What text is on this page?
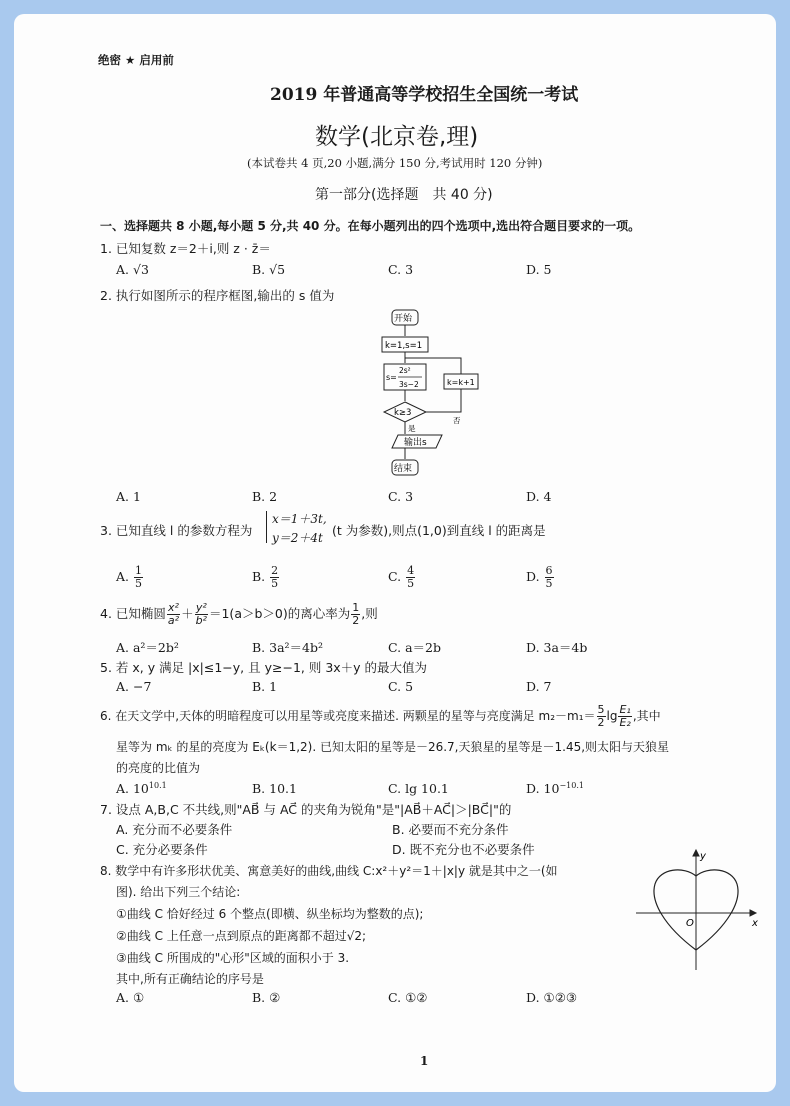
绝密 ★ 启用前
2019 年普通高等学校招生全国统一考试
数学(北京卷,理)
(本试卷共 4 页,20 小题,满分 150 分,考试用时 120 分钟)
第一部分(选择题　共 40 分)
一、选择题共 8 小题,每小题 5 分,共 40 分。在每小题列出的四个选项中,选出符合题目要求的一项。
1. 已知复数 z＝2＋i,则 z · z̄＝
A. √3	B. √5	C. 3	D. 5
2. 执行如图所示的程序框图,输出的 s 值为
开始
k=1,s=1
s=
2s²
3s−2
k≥3
是
否
输出s
结束
k=k+1
A. 1	B. 2	C. 3	D. 4
3. 已知直线 l 的参数方程为
x＝1＋3t,
y＝2＋4t (t 为参数),则点(1,0)到直线 l 的距离是
A. $\frac{1}{5}$	B. $\frac{2}{5}$	C. $\frac{4}{5}$	D. $\frac{6}{5}$
4. 已知椭圆 $\frac{\text{x²}}{\text{a²}} + \frac{\text{y²}}{\text{b²}} =1(a>b>0)$的离心率为 $\frac{1}{2}$ ,则
A. a²＝2b²	B. 3a²＝4b²	C. a＝2b	D. 3a＝4b
5. 若 x, y 满足 |x|≤1−y, 且 y≥−1, 则 3x＋y 的最大值为
A. −7	B. 1	C. 5	D. 7
6. 在天文学中,天体的明暗程度可以用星等或亮度来描述. 两颗星的星等与亮度满足 $m_2-m_1= \frac{5}{2}$ $\lg \frac{\text{E₁}}{\text{E₂}}$ ,其中
星等为 mₖ 的星的亮度为 Eₖ(k＝1,2). 已知太阳的星等是－26.7,天狼星的星等是－1.45,则太阳与天狼星
的亮度的比值为
A. $10^{10.1}$	B. 10.1	C. lg 10.1	D. $10^{-10.1}$
7. 设点 A,B,C 不共线,则"AB⃗ 与 AC⃗ 的夹角为锐角"是"|AB⃗＋AC⃗|＞|BC⃗|"的
A. 充分而不必要条件	B. 必要而不充分条件
C. 充分必要条件	D. 既不充分也不必要条件
8. 数学中有许多形状优美、寓意美好的曲线,曲线 C:x²＋y²＝1＋|x|y 就是其中之一(如
图). 给出下列三个结论:
①曲线 C 恰好经过 6 个整点(即横、纵坐标均为整数的点);
②曲线 C 上任意一点到原点的距离都不超过√2;
③曲线 C 所围成的"心形"区域的面积小于 3.
其中,所有正确结论的序号是
A. ①	B. ②	C. ①②	D. ①②③
x
y
O
1
